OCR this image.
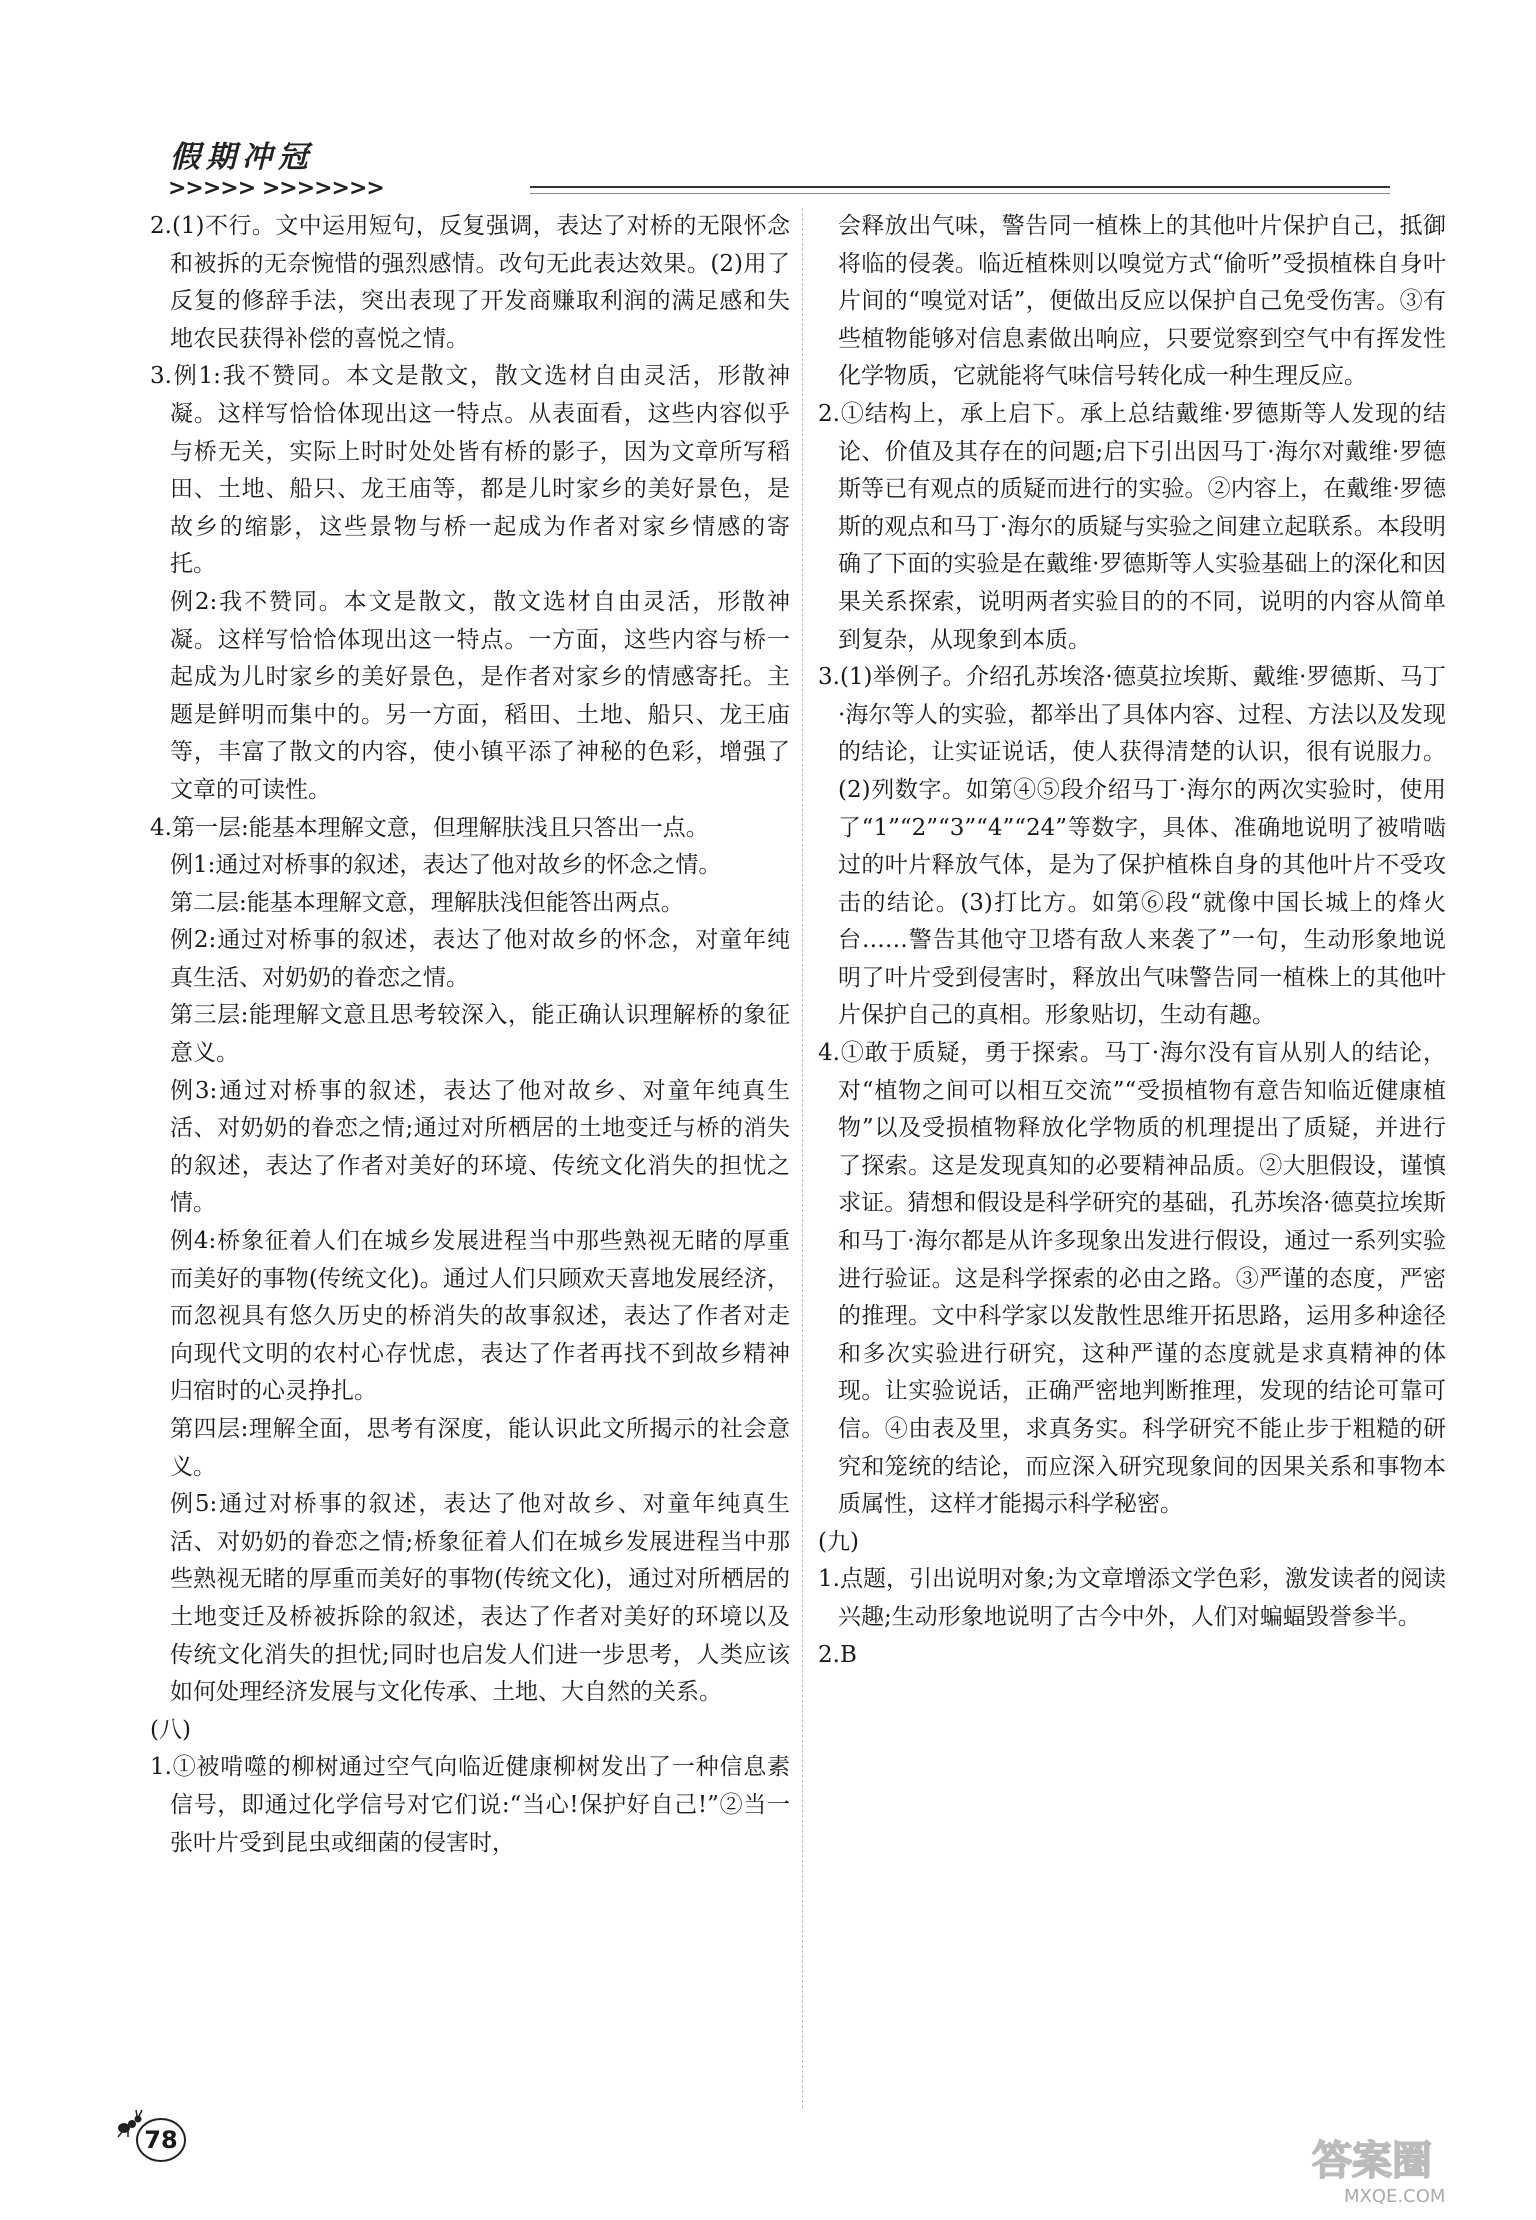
假期冲冠
>>>>> >>>>>>>

2.(1)不行。文中运用短句，反复强调，表达了对桥的无限怀念和被拆的无奈惋惜的强烈感情。改句无此表达效果。(2)用了反复的修辞手法，突出表现了开发商赚取利润的满足感和失地农民获得补偿的喜悦之情。

3.例1:我不赞同。本文是散文，散文选材自由灵活，形散神凝。这样写恰恰体现出这一特点。从表面看，这些内容似乎与桥无关，实际上时时处处皆有桥的影子，因为文章所写稻田、土地、船只、龙王庙等，都是儿时家乡的美好景色，是故乡的缩影，这些景物与桥一起成为作者对家乡情感的寄托。

例2:我不赞同。本文是散文，散文选材自由灵活，形散神凝。这样写恰恰体现出这一特点。一方面，这些内容与桥一起成为儿时家乡的美好景色，是作者对家乡的情感寄托。主题是鲜明而集中的。另一方面，稻田、土地、船只、龙王庙等，丰富了散文的内容，使小镇平添了神秘的色彩，增强了文章的可读性。

4.第一层:能基本理解文意，但理解肤浅且只答出一点。

例1:通过对桥事的叙述，表达了他对故乡的怀念之情。

第二层:能基本理解文意，理解肤浅但能答出两点。

例2:通过对桥事的叙述，表达了他对故乡的怀念，对童年纯真生活、对奶奶的眷恋之情。

第三层:能理解文意且思考较深入，能正确认识理解桥的象征意义。

例3:通过对桥事的叙述，表达了他对故乡、对童年纯真生活、对奶奶的眷恋之情;通过对所栖居的土地变迁与桥的消失的叙述，表达了作者对美好的环境、传统文化消失的担忧之情。

例4:桥象征着人们在城乡发展进程当中那些熟视无睹的厚重而美好的事物(传统文化)。通过人们只顾欢天喜地发展经济，而忽视具有悠久历史的桥消失的故事叙述，表达了作者对走向现代文明的农村心存忧虑，表达了作者再找不到故乡精神归宿时的心灵挣扎。

第四层:理解全面，思考有深度，能认识此文所揭示的社会意义。

例5:通过对桥事的叙述，表达了他对故乡、对童年纯真生活、对奶奶的眷恋之情;桥象征着人们在城乡发展进程当中那些熟视无睹的厚重而美好的事物(传统文化)，通过对所栖居的土地变迁及桥被拆除的叙述，表达了作者对美好的环境以及传统文化消失的担忧;同时也启发人们进一步思考，人类应该如何处理经济发展与文化传承、土地、大自然的关系。

(八)

1.①被啃噬的柳树通过空气向临近健康柳树发出了一种信息素信号，即通过化学信号对它们说:“当心!保护好自己!”②当一张叶片受到昆虫或细菌的侵害时，

会释放出气味，警告同一植株上的其他叶片保护自己，抵御将临的侵袭。临近植株则以嗅觉方式“偷听”受损植株自身叶片间的“嗅觉对话”，便做出反应以保护自己免受伤害。③有些植物能够对信息素做出响应，只要觉察到空气中有挥发性化学物质，它就能将气味信号转化成一种生理反应。

2.①结构上，承上启下。承上总结戴维·罗德斯等人发现的结论、价值及其存在的问题;启下引出因马丁·海尔对戴维·罗德斯等已有观点的质疑而进行的实验。②内容上，在戴维·罗德斯的观点和马丁·海尔的质疑与实验之间建立起联系。本段明确了下面的实验是在戴维·罗德斯等人实验基础上的深化和因果关系探索，说明两者实验目的的不同，说明的内容从简单到复杂，从现象到本质。

3.(1)举例子。介绍孔苏埃洛·德莫拉埃斯、戴维·罗德斯、马丁·海尔等人的实验，都举出了具体内容、过程、方法以及发现的结论，让实证说话，使人获得清楚的认识，很有说服力。(2)列数字。如第④⑤段介绍马丁·海尔的两次实验时，使用了“1”“2”“3”“4”“24”等数字，具体、准确地说明了被啃啮过的叶片释放气体，是为了保护植株自身的其他叶片不受攻击的结论。(3)打比方。如第⑥段“就像中国长城上的烽火台……警告其他守卫塔有敌人来袭了”一句，生动形象地说明了叶片受到侵害时，释放出气味警告同一植株上的其他叶片保护自己的真相。形象贴切，生动有趣。

4.①敢于质疑，勇于探索。马丁·海尔没有盲从别人的结论，对“植物之间可以相互交流”“受损植物有意告知临近健康植物”以及受损植物释放化学物质的机理提出了质疑，并进行了探索。这是发现真知的必要精神品质。②大胆假设，谨慎求证。猜想和假设是科学研究的基础，孔苏埃洛·德莫拉埃斯和马丁·海尔都是从许多现象出发进行假设，通过一系列实验进行验证。这是科学探索的必由之路。③严谨的态度，严密的推理。文中科学家以发散性思维开拓思路，运用多种途径和多次实验进行研究，这种严谨的态度就是求真精神的体现。让实验说话，正确严密地判断推理，发现的结论可靠可信。④由表及里，求真务实。科学研究不能止步于粗糙的研究和笼统的结论，而应深入研究现象间的因果关系和事物本质属性，这样才能揭示科学秘密。

(九)

1.点题，引出说明对象;为文章增添文学色彩，激发读者的阅读兴趣;生动形象地说明了古今中外，人们对蝙蝠毁誉参半。

2.B

78	答案圈
MXQE.COM
